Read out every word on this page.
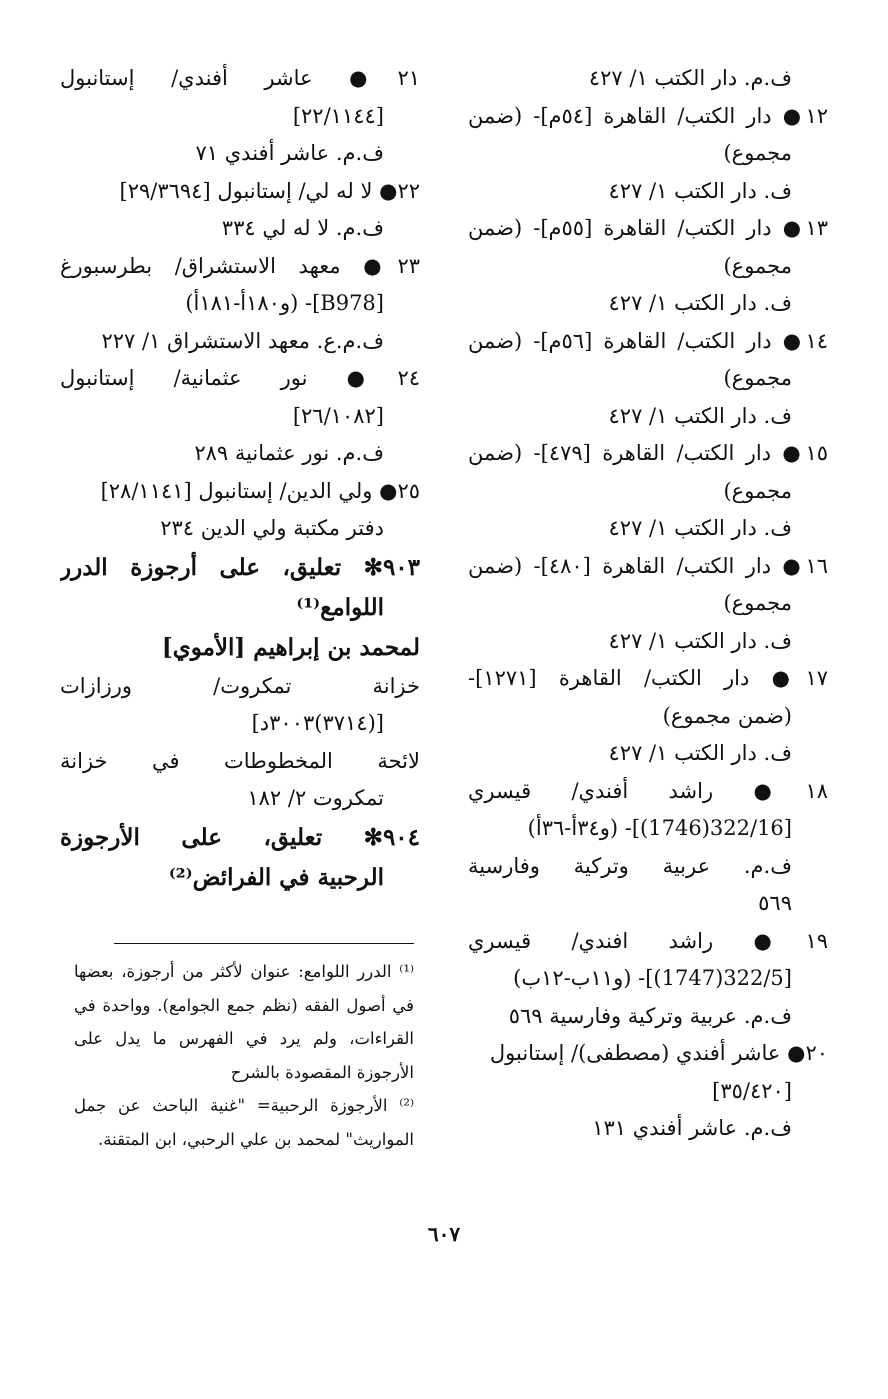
ف.م. دار الكتب ١/ ٤٢٧
١٢● دار الكتب/ القاهرة [٥٤م]- (ضمن
مجموع)
ف. دار الكتب ١/ ٤٢٧
١٣● دار الكتب/ القاهرة [٥٥م]- (ضمن
مجموع)
ف. دار الكتب ١/ ٤٢٧
١٤● دار الكتب/ القاهرة [٥٦م]- (ضمن
مجموع)
ف. دار الكتب ١/ ٤٢٧
١٥● دار الكتب/ القاهرة [٤٧٩]- (ضمن
مجموع)
ف. دار الكتب ١/ ٤٢٧
١٦● دار الكتب/ القاهرة [٤٨٠]- (ضمن
مجموع)
ف. دار الكتب ١/ ٤٢٧
١٧● دار الكتب/ القاهرة [١٢٧١]-
(ضمن مجموع)
ف. دار الكتب ١/ ٤٢٧
١٨● راشد أفندي/ قيسري
[322/16(1746)]- (و٣٤أ-٣٦أ)
ف.م. عربية وتركية وفارسية
٥٦٩
١٩● راشد افندي/ قيسري
[322/5(1747)]- (و١١ب-١٢ب)
ف.م. عربية وتركية وفارسية ٥٦٩
٢٠● عاشر أفندي (مصطفى)/ إستانبول
[٣٥/٤٢٠]
ف.م. عاشر أفندي ١٣١
٢١● عاشر أفندي/ إستانبول
[٢٢/١١٤٤]
ف.م. عاشر أفندي ٧١
٢٢● لا له لي/ إستانبول [٢٩/٣٦٩٤]
ف.م. لا له لي ٣٣٤
٢٣● معهد الاستشراق/ بطرسبورغ
[B978]- (و١٨٠أ-١٨١أ)
ف.م.ع. معهد الاستشراق ١/ ٢٢٧
٢٤● نور عثمانية/ إستانبول
[٢٦/١٠٨٢]
ف.م. نور عثمانية ٢٨٩
٢٥● ولي الدين/ إستانبول [٢٨/١١٤١]
دفتر مكتبة ولي الدين ٢٣٤
٩٠٣✻ تعليق، على أرجوزة الدرر
اللوامع⁽¹⁾
لمحمد بن إبراهيم [الأموي]
خزانة تمكروت/ ورزازات
[(٣٧١٤)٣٠٠٣د]
لائحة المخطوطات في خزانة
تمكروت ٢/ ١٨٢
٩٠٤✻ تعليق، على الأرجوزة
الرحبية في الفرائض⁽²⁾
⁽¹⁾ الدرر اللوامع: عنوان لأكثر من أرجوزة، بعضها
في أصول الفقه (نظم جمع الجوامع). وواحدة في
القراءات، ولم يرد في الفهرس ما يدل على
الأرجوزة المقصودة بالشرح
⁽²⁾ الأرجوزة الرحبية= "غنية الباحث عن جمل
المواريث" لمحمد بن علي الرحبي، ابن المتقنة.
٦٠٧
